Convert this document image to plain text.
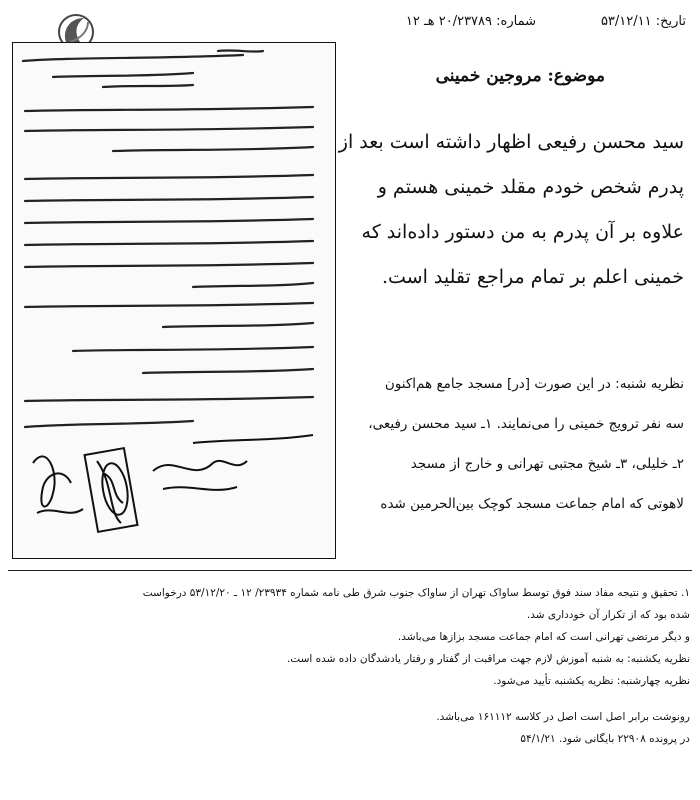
تاریخ: ۵۳/۱۲/۱۱
شماره: ۲۰/۲۳۷۸۹ هـ ۱۲
موضوع: مروجین خمینی
سید محسن رفیعی اظهار داشته است بعد از
پدرم شخص خودم مقلد خمینی هستم و
علاوه بر آن پدرم به من دستور داده‌اند که
خمینی اعلم بر تمام مراجع تقلید است.
نظریه شنبه: در این صورت [در] مسجد جامع هم‌اکنون
سه نفر ترویج خمینی را می‌نمایند. ۱ـ سید محسن رفیعی،
۲ـ خلیلی، ۳ـ شیخ مجتبی تهرانی و خارج از مسجد
لاهوتی که امام جماعت مسجد کوچک بین‌الحرمین شده
۱. تحقیق و نتیجه مفاد سند فوق توسط ساواک تهران از ساواک جنوب شرق طی نامه شماره ۲۳۹۳۴/ ۱۲ ـ ۵۳/۱۲/۲۰ درخواست
شده بود که از تکرار آن خودداری شد.
و دیگر مرتضی تهرانی است که امام جماعت مسجد بزازها می‌باشد.
نظریه یکشنبه: به شنبه آموزش لازم جهت مراقبت از گفتار و رفتار یادشدگان داده شده است.
نظریه چهارشنبه: نظریه یکشنبه تأیید می‌شود.
رونوشت برابر اصل است اصل در کلاسه ۱۶۱۱۱۲ می‌باشد.
در پرونده ۲۲۹۰۸ بایگانی شود. ۵۴/۱/۲۱
